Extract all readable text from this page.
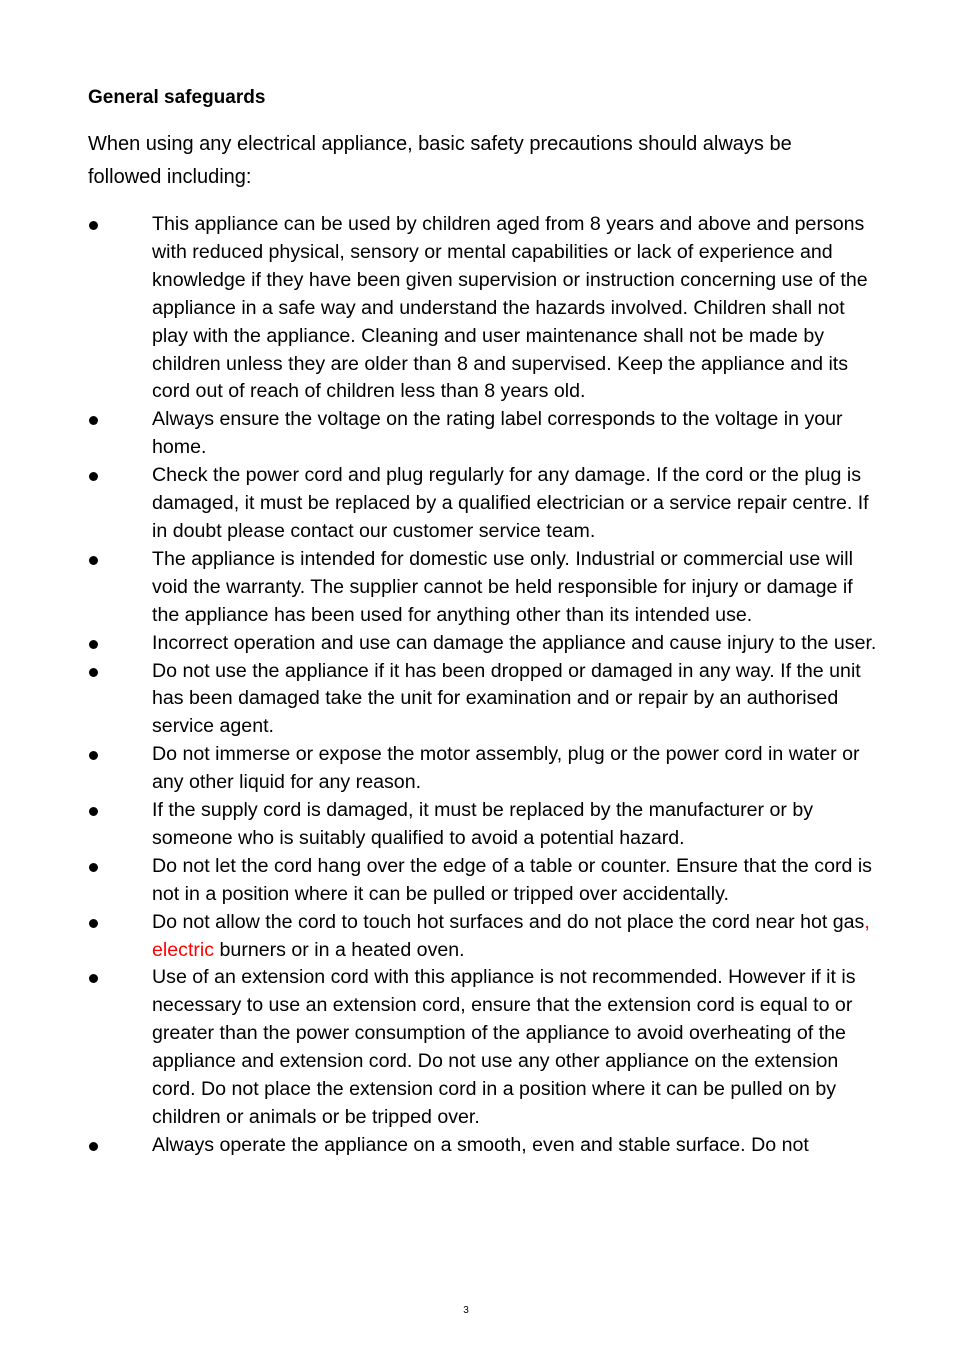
General safeguards
When using any electrical appliance, basic safety precautions should always be followed including:
This appliance can be used by children aged from 8 years and above and persons with reduced physical, sensory or mental capabilities or lack of experience and knowledge if they have been given supervision or instruction concerning use of the appliance in a safe way and understand the hazards involved. Children shall not play with the appliance. Cleaning and user maintenance shall not be made by children unless they are older than 8 and supervised. Keep the appliance and its cord out of reach of children less than 8 years old.
Always ensure the voltage on the rating label corresponds to the voltage in your home.
Check the power cord and plug regularly for any damage. If the cord or the plug is damaged, it must be replaced by a qualified electrician or a service repair centre. If in doubt please contact our customer service team.
The appliance is intended for domestic use only. Industrial or commercial use will void the warranty. The supplier cannot be held responsible for injury or damage if the appliance has been used for anything other than its intended use.
Incorrect operation and use can damage the appliance and cause injury to the user.
Do not use the appliance if it has been dropped or damaged in any way. If the unit has been damaged take the unit for examination and or repair by an authorised service agent.
Do not immerse or expose the motor assembly, plug or the power cord in water or any other liquid for any reason.
If the supply cord is damaged, it must be replaced by the manufacturer or by someone who is suitably qualified to avoid a potential hazard.
Do not let the cord hang over the edge of a table or counter. Ensure that the cord is not in a position where it can be pulled or tripped over accidentally.
Do not allow the cord to touch hot surfaces and do not place the cord near hot gas, electric burners or in a heated oven.
Use of an extension cord with this appliance is not recommended. However if it is necessary to use an extension cord, ensure that the extension cord is equal to or greater than the power consumption of the appliance to avoid overheating of the appliance and extension cord. Do not use any other appliance on the extension cord. Do not place the extension cord in a position where it can be pulled on by children or animals or be tripped over.
Always operate the appliance on a smooth, even and stable surface. Do not
3
